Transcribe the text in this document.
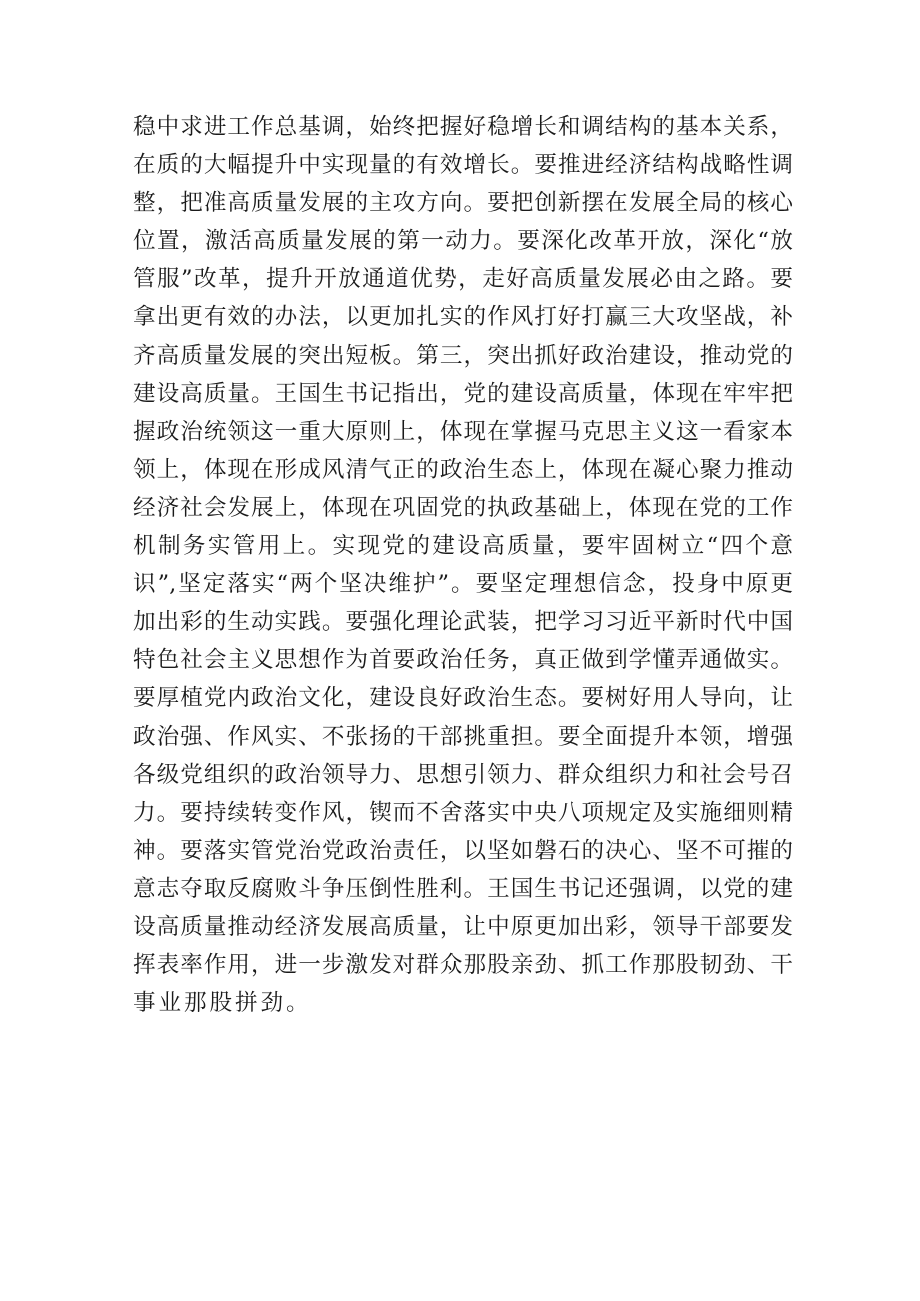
稳中求进工作总基调，始终把握好稳增长和调结构的基本关系，
在质的大幅提升中实现量的有效增长。要推进经济结构战略性调
整，把准高质量发展的主攻方向。要把创新摆在发展全局的核心
位置，激活高质量发展的第一动力。要深化改革开放，深化“放
管服”改革，提升开放通道优势，走好高质量发展必由之路。要
拿出更有效的办法，以更加扎实的作风打好打赢三大攻坚战，补
齐高质量发展的突出短板。第三，突出抓好政治建设，推动党的
建设高质量。王国生书记指出，党的建设高质量，体现在牢牢把
握政治统领这一重大原则上，体现在掌握马克思主义这一看家本
领上，体现在形成风清气正的政治生态上，体现在凝心聚力推动
经济社会发展上，体现在巩固党的执政基础上，体现在党的工作
机制务实管用上。实现党的建设高质量，要牢固树立“四个意
识”,坚定落实“两个坚决维护”。要坚定理想信念，投身中原更
加出彩的生动实践。要强化理论武装，把学习习近平新时代中国
特色社会主义思想作为首要政治任务，真正做到学懂弄通做实。
要厚植党内政治文化，建设良好政治生态。要树好用人导向，让
政治强、作风实、不张扬的干部挑重担。要全面提升本领，增强
各级党组织的政治领导力、思想引领力、群众组织力和社会号召
力。要持续转变作风，锲而不舍落实中央八项规定及实施细则精
神。要落实管党治党政治责任，以坚如磐石的决心、坚不可摧的
意志夺取反腐败斗争压倒性胜利。王国生书记还强调，以党的建
设高质量推动经济发展高质量，让中原更加出彩，领导干部要发
挥表率作用，进一步激发对群众那股亲劲、抓工作那股韧劲、干
事业那股拼劲。
